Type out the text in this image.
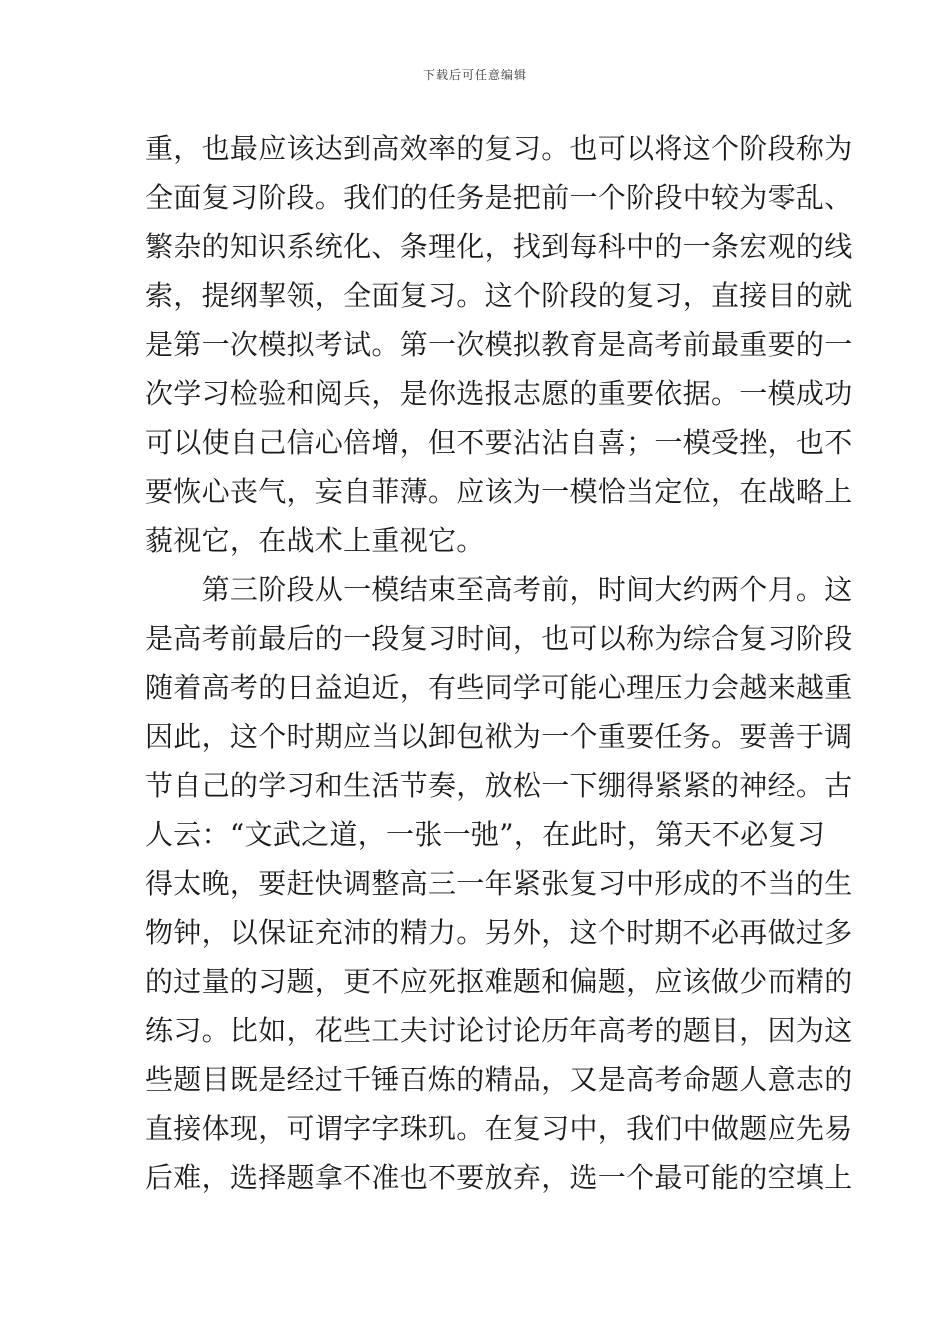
下载后可任意编辑
重，也最应该达到高效率的复习。也可以将这个阶段称为
全面复习阶段。我们的任务是把前一个阶段中较为零乱、
繁杂的知识系统化、条理化，找到每科中的一条宏观的线
索，提纲挈领，全面复习。这个阶段的复习，直接目的就
是第一次模拟考试。第一次模拟教育是高考前最重要的一
次学习检验和阅兵，是你选报志愿的重要依据。一模成功
可以使自己信心倍增，但不要沾沾自喜；一模受挫，也不
要恢心丧气，妄自菲薄。应该为一模恰当定位，在战略上
藐视它，在战术上重视它。
　　第三阶段从一模结束至高考前，时间大约两个月。这
是高考前最后的一段复习时间，也可以称为综合复习阶段
随着高考的日益迫近，有些同学可能心理压力会越来越重
因此，这个时期应当以卸包袱为一个重要任务。要善于调
节自己的学习和生活节奏，放松一下绷得紧紧的神经。古
人云：“文武之道，一张一弛”，在此时，第天不必复习
得太晚，要赶快调整高三一年紧张复习中形成的不当的生
物钟，以保证充沛的精力。另外，这个时期不必再做过多
的过量的习题，更不应死抠难题和偏题，应该做少而精的
练习。比如，花些工夫讨论讨论历年高考的题目，因为这
些题目既是经过千锤百炼的精品，又是高考命题人意志的
直接体现，可谓字字珠玑。在复习中，我们中做题应先易
后难，选择题拿不准也不要放弃，选一个最可能的空填上
